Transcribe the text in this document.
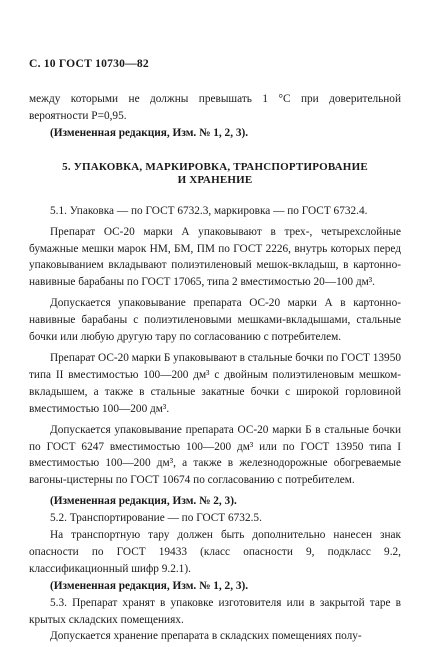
С. 10 ГОСТ 10730—82

между которыми не должны превышать 1 °С при доверительной вероятности Р=0,95.

(Измененная редакция, Изм. № 1, 2, 3).

5. УПАКОВКА, МАРКИРОВКА, ТРАНСПОРТИРОВАНИЕ
И ХРАНЕНИЕ

5.1. Упаковка — по ГОСТ 6732.3, маркировка — по ГОСТ 6732.4.

Препарат ОС-20 марки А упаковывают в трех-, четырехслойные бумажные мешки марок НМ, БМ, ПМ по ГОСТ 2226, внутрь которых перед упаковыванием вкладывают полиэтиленовый мешок-вкладыш, в картонно-навивные барабаны по ГОСТ 17065, типа 2 вместимостью 20—100 дм³.

Допускается упаковывание препарата ОС-20 марки А в картонно-навивные барабаны с полиэтиленовыми мешками-вкладышами, стальные бочки или любую другую тару по согласованию с потребителем.

Препарат ОС-20 марки Б упаковывают в стальные бочки по ГОСТ 13950 типа II вместимостью 100—200 дм³ с двойным полиэтиленовым мешком-вкладышем, а также в стальные закатные бочки с широкой горловиной вместимостью 100—200 дм³.

Допускается упаковывание препарата ОС-20 марки Б в стальные бочки по ГОСТ 6247 вместимостью 100—200 дм³ или по ГОСТ 13950 типа I вместимостью 100—200 дм³, а также в железнодорожные обогреваемые вагоны-цистерны по ГОСТ 10674 по согласованию с потребителем.

(Измененная редакция, Изм. № 2, 3).

5.2. Транспортирование — по ГОСТ 6732.5.

На транспортную тару должен быть дополнительно нанесен знак опасности по ГОСТ 19433 (класс опасности 9, подкласс 9.2, классификационный шифр 9.2.1).

(Измененная редакция, Изм. № 1, 2, 3).

5.3. Препарат хранят в упаковке изготовителя или в закрытой таре в крытых складских помещениях.

Допускается хранение препарата в складских помещениях полу-
